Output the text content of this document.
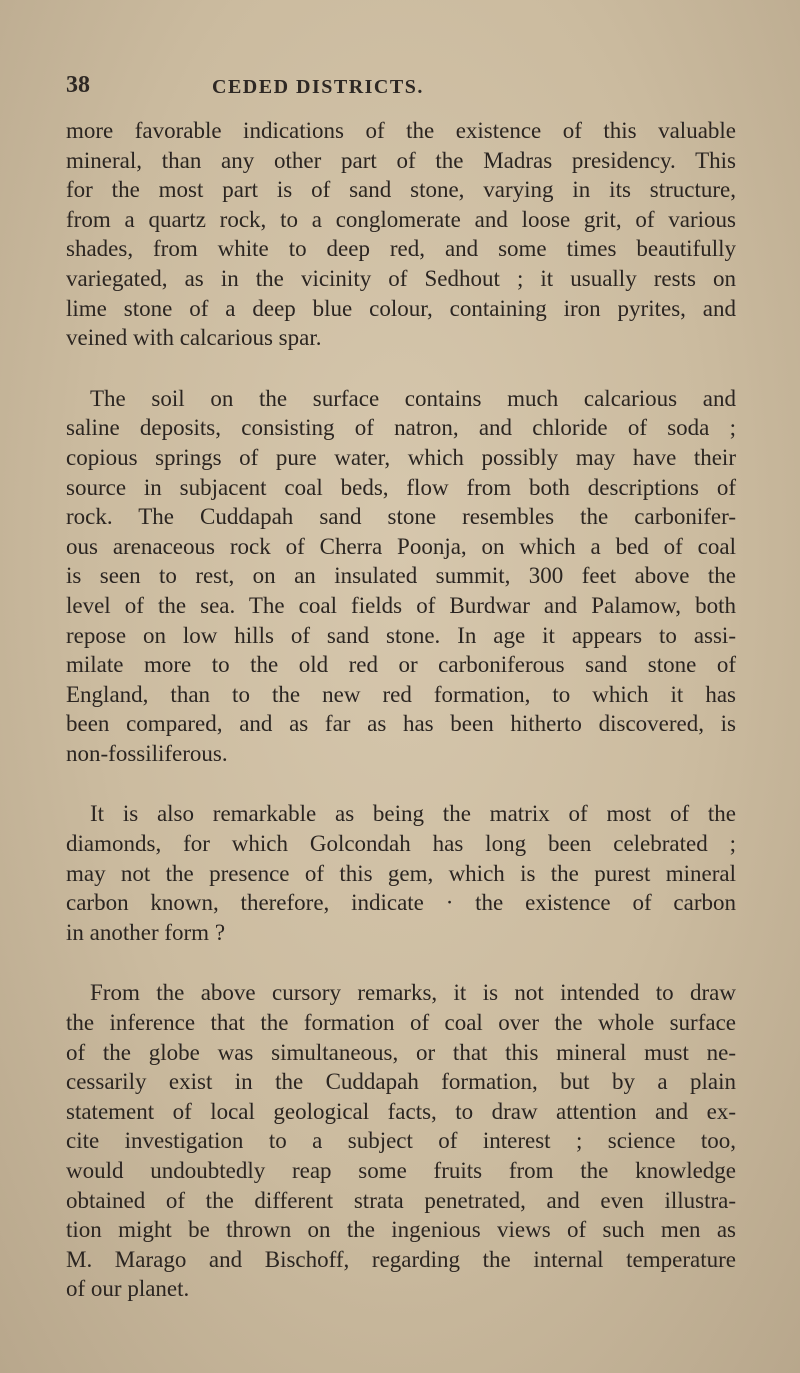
38	CEDED DISTRICTS.
more favorable indications of the existence of this valuable
mineral, than any other part of the Madras presidency. This
for the most part is of sand stone, varying in its structure,
from a quartz rock, to a conglomerate and loose grit, of various
shades, from white to deep red, and some times beautifully
variegated, as in the vicinity of Sedhout ; it usually rests on
lime stone of a deep blue colour, containing iron pyrites, and
veined with calcarious spar.
The soil on the surface contains much calcarious and
saline deposits, consisting of natron, and chloride of soda ;
copious springs of pure water, which possibly may have their
source in subjacent coal beds, flow from both descriptions of
rock. The Cuddapah sand stone resembles the carbonifer-
ous arenaceous rock of Cherra Poonja, on which a bed of coal
is seen to rest, on an insulated summit, 300 feet above the
level of the sea. The coal fields of Burdwar and Palamow, both
repose on low hills of sand stone. In age it appears to assi-
milate more to the old red or carboniferous sand stone of
England, than to the new red formation, to which it has
been compared, and as far as has been hitherto discovered, is
non-fossiliferous.
It is also remarkable as being the matrix of most of the
diamonds, for which Golcondah has long been celebrated ;
may not the presence of this gem, which is the purest mineral
carbon known, therefore, indicate · the existence of carbon
in another form ?
From the above cursory remarks, it is not intended to draw
the inference that the formation of coal over the whole surface
of the globe was simultaneous, or that this mineral must ne-
cessarily exist in the Cuddapah formation, but by a plain
statement of local geological facts, to draw attention and ex-
cite investigation to a subject of interest ; science too,
would undoubtedly reap some fruits from the knowledge
obtained of the different strata penetrated, and even illustra-
tion might be thrown on the ingenious views of such men as
M. Marago and Bischoff, regarding the internal temperature
of our planet.
